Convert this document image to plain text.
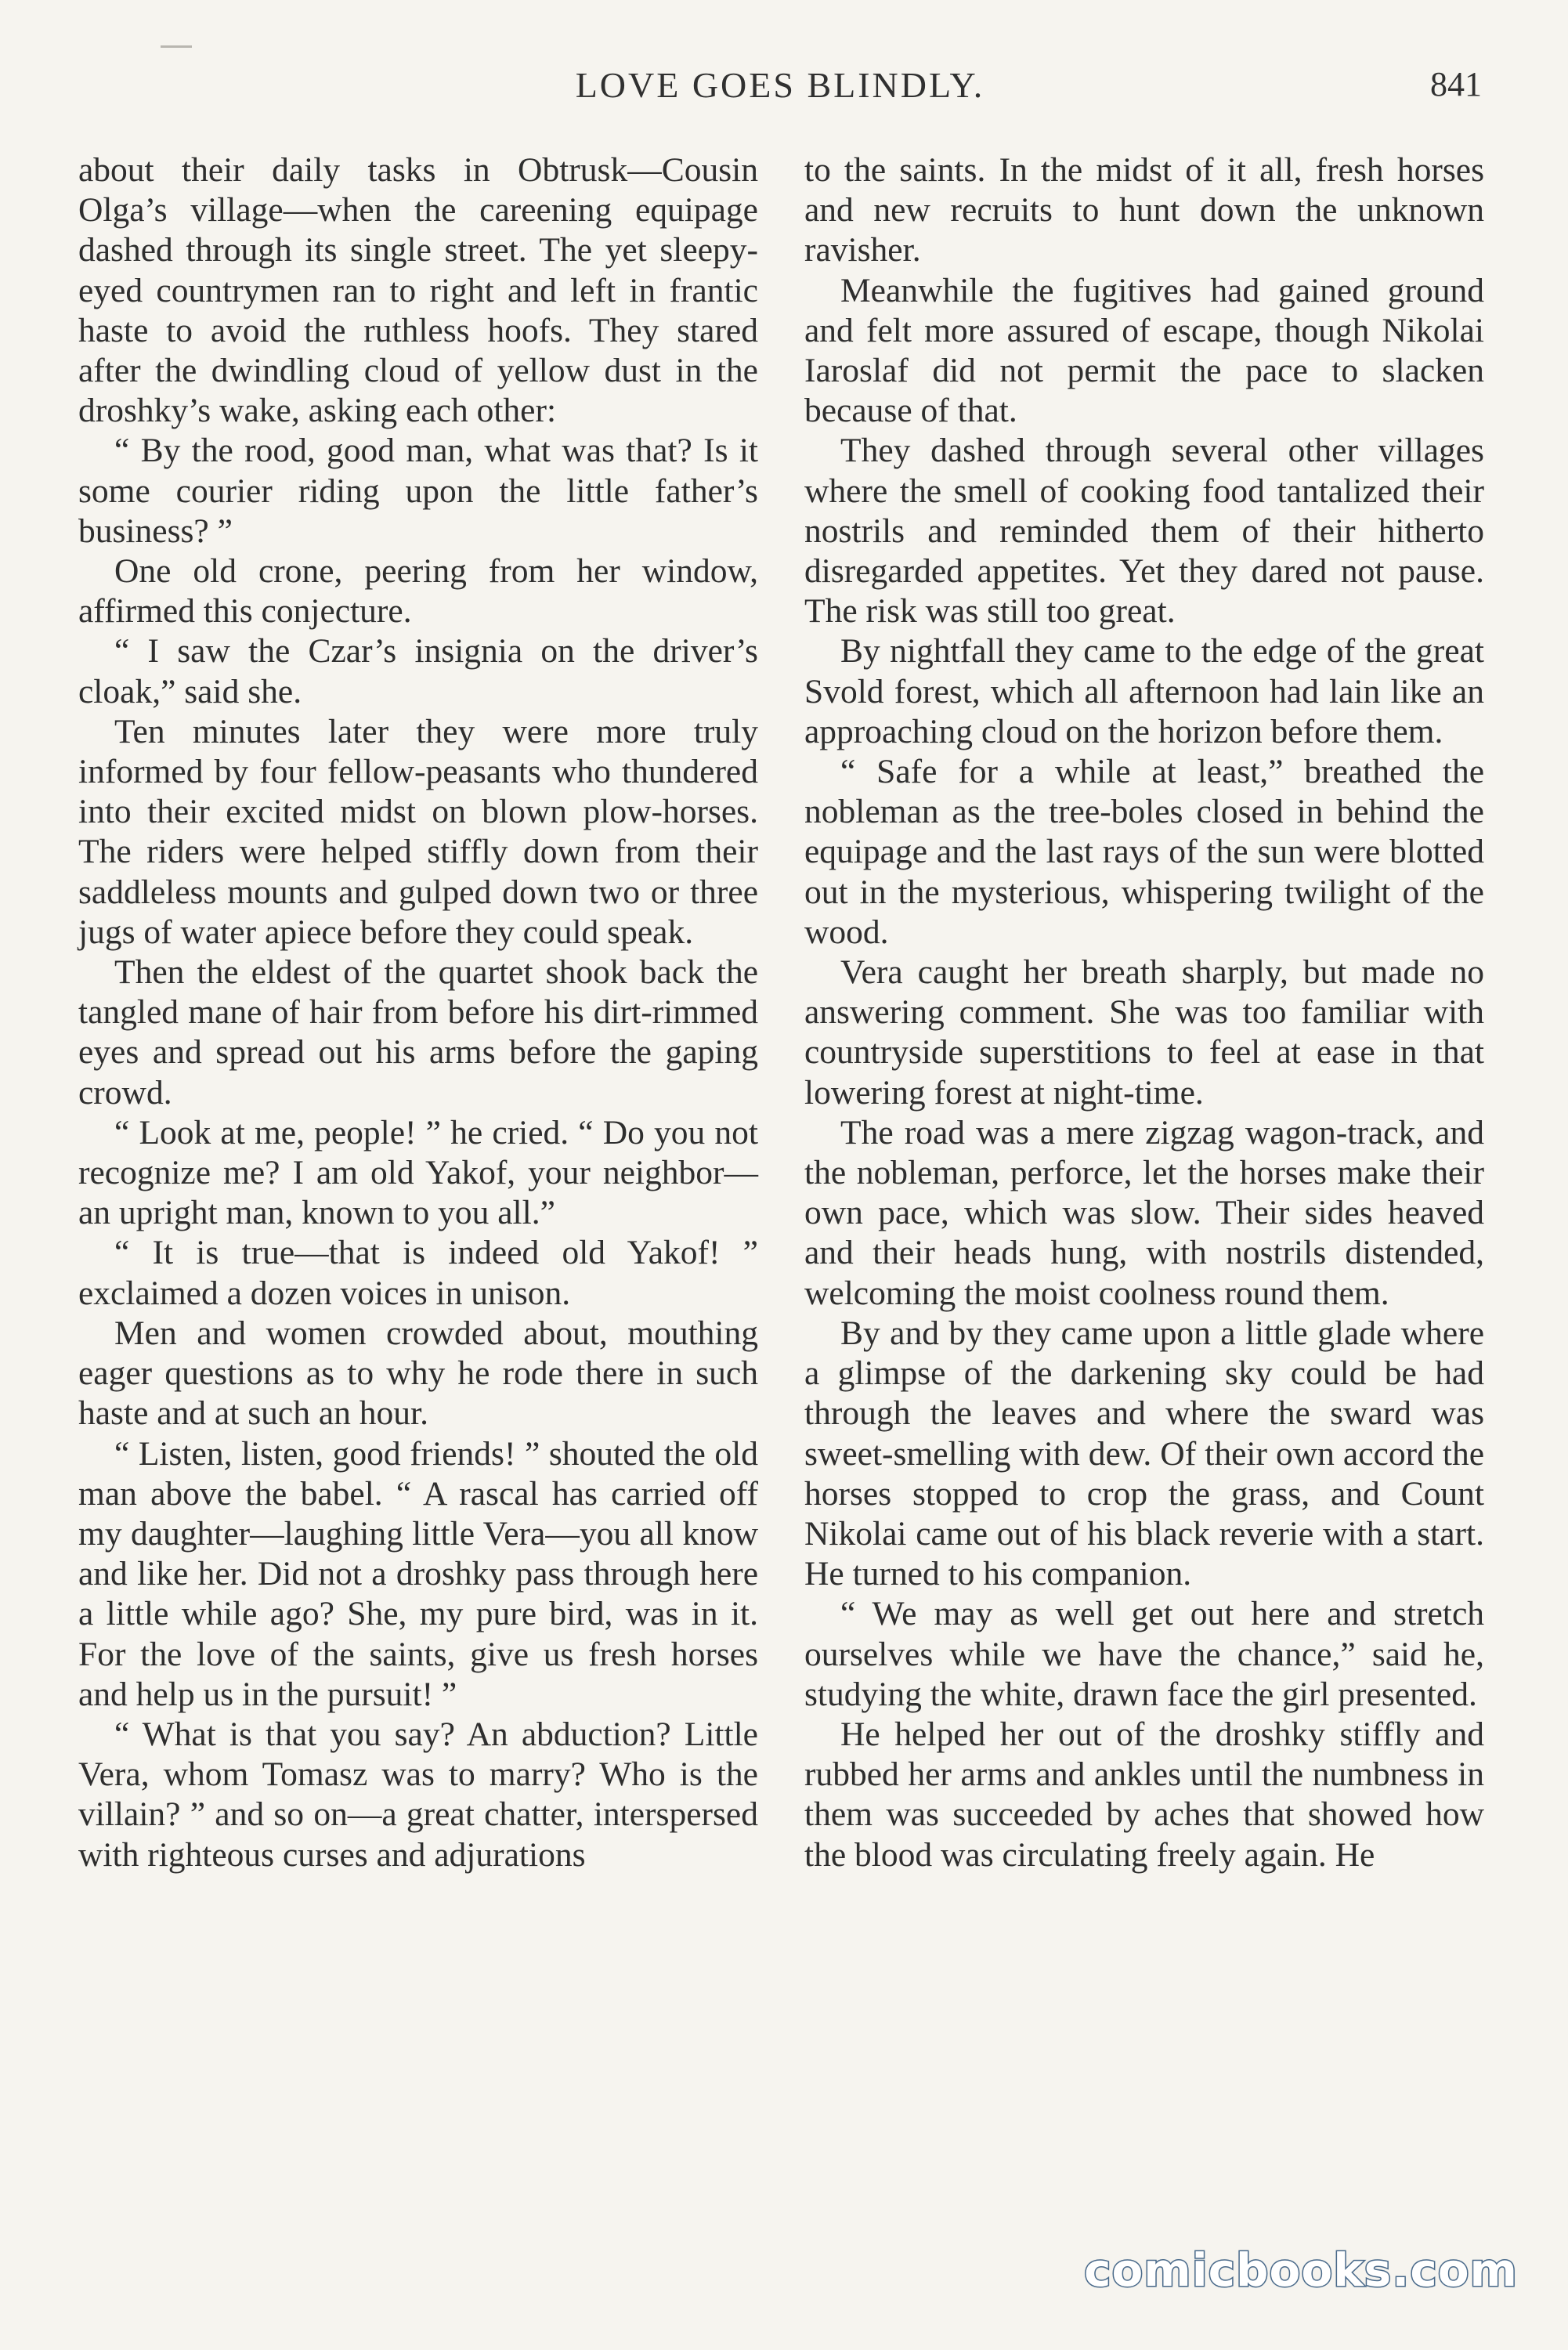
LOVE GOES BLINDLY.	841

about their daily tasks in Obtrusk—Cousin Olga’s village—when the careening equipage dashed through its single street. The yet sleepy-eyed countrymen ran to right and left in frantic haste to avoid the ruthless hoofs. They stared after the dwindling cloud of yellow dust in the droshky’s wake, asking each other:

“ By the rood, good man, what was that? Is it some courier riding upon the little father’s business? ”

One old crone, peering from her window, affirmed this conjecture.

“ I saw the Czar’s insignia on the driver’s cloak,” said she.

Ten minutes later they were more truly informed by four fellow-peasants who thundered into their excited midst on blown plow-horses. The riders were helped stiffly down from their saddleless mounts and gulped down two or three jugs of water apiece before they could speak.

Then the eldest of the quartet shook back the tangled mane of hair from before his dirt-rimmed eyes and spread out his arms before the gaping crowd.

“ Look at me, people! ” he cried. “ Do you not recognize me? I am old Yakof, your neighbor—an upright man, known to you all.”

“ It is true—that is indeed old Yakof! ” exclaimed a dozen voices in unison.

Men and women crowded about, mouthing eager questions as to why he rode there in such haste and at such an hour.

“ Listen, listen, good friends! ” shouted the old man above the babel. “ A rascal has carried off my daughter—laughing little Vera—you all know and like her. Did not a droshky pass through here a little while ago? She, my pure bird, was in it. For the love of the saints, give us fresh horses and help us in the pursuit! ”

“ What is that you say? An abduction? Little Vera, whom Tomasz was to marry? Who is the villain? ” and so on—a great chatter, interspersed with righteous curses and adjurations

to the saints. In the midst of it all, fresh horses and new recruits to hunt down the unknown ravisher.

Meanwhile the fugitives had gained ground and felt more assured of escape, though Nikolai Iaroslaf did not permit the pace to slacken because of that.

They dashed through several other villages where the smell of cooking food tantalized their nostrils and reminded them of their hitherto disregarded appetites. Yet they dared not pause. The risk was still too great.

By nightfall they came to the edge of the great Svold forest, which all afternoon had lain like an approaching cloud on the horizon before them.

“ Safe for a while at least,” breathed the nobleman as the tree-boles closed in behind the equipage and the last rays of the sun were blotted out in the mysterious, whispering twilight of the wood.

Vera caught her breath sharply, but made no answering comment. She was too familiar with countryside superstitions to feel at ease in that lowering forest at night-time.

The road was a mere zigzag wagon-track, and the nobleman, perforce, let the horses make their own pace, which was slow. Their sides heaved and their heads hung, with nostrils distended, welcoming the moist coolness round them.

By and by they came upon a little glade where a glimpse of the darkening sky could be had through the leaves and where the sward was sweet-smelling with dew. Of their own accord the horses stopped to crop the grass, and Count Nikolai came out of his black reverie with a start. He turned to his companion.

“ We may as well get out here and stretch ourselves while we have the chance,” said he, studying the white, drawn face the girl presented.

He helped her out of the droshky stiffly and rubbed her arms and ankles until the numbness in them was succeeded by aches that showed how the blood was circulating freely again. He

comicbooks.com
